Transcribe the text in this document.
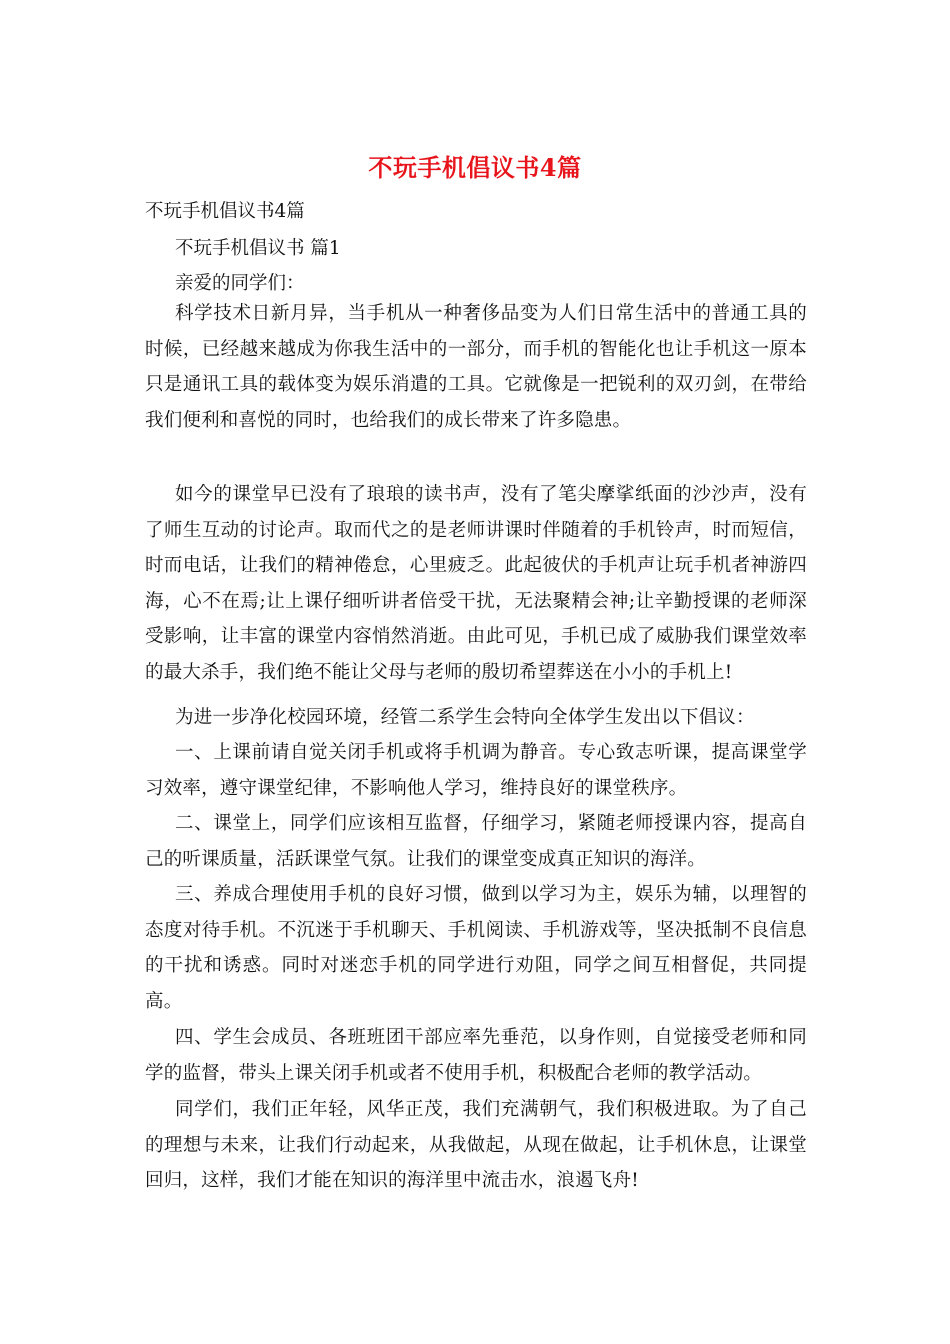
不玩手机倡议书4篇
不玩手机倡议书4篇
不玩手机倡议书 篇1
亲爱的同学们：
科学技术日新月异，当手机从一种奢侈品变为人们日常生活中的普通工具的时候，已经越来越成为你我生活中的一部分，而手机的智能化也让手机这一原本只是通讯工具的载体变为娱乐消遣的工具。它就像是一把锐利的双刃剑，在带给我们便利和喜悦的同时，也给我们的成长带来了许多隐患。
如今的课堂早已没有了琅琅的读书声，没有了笔尖摩挲纸面的沙沙声，没有了师生互动的讨论声。取而代之的是老师讲课时伴随着的手机铃声，时而短信，时而电话，让我们的精神倦怠，心里疲乏。此起彼伏的手机声让玩手机者神游四海，心不在焉;让上课仔细听讲者倍受干扰，无法聚精会神;让辛勤授课的老师深受影响，让丰富的课堂内容悄然消逝。由此可见，手机已成了威胁我们课堂效率的最大杀手，我们绝不能让父母与老师的殷切希望葬送在小小的手机上!
为进一步净化校园环境，经管二系学生会特向全体学生发出以下倡议：
一、上课前请自觉关闭手机或将手机调为静音。专心致志听课，提高课堂学习效率，遵守课堂纪律，不影响他人学习，维持良好的课堂秩序。
二、课堂上，同学们应该相互监督，仔细学习，紧随老师授课内容，提高自己的听课质量，活跃课堂气氛。让我们的课堂变成真正知识的海洋。
三、养成合理使用手机的良好习惯，做到以学习为主，娱乐为辅，以理智的态度对待手机。不沉迷于手机聊天、手机阅读、手机游戏等，坚决抵制不良信息的干扰和诱惑。同时对迷恋手机的同学进行劝阻，同学之间互相督促，共同提高。
四、学生会成员、各班班团干部应率先垂范，以身作则，自觉接受老师和同学的监督，带头上课关闭手机或者不使用手机，积极配合老师的教学活动。
同学们，我们正年轻，风华正茂，我们充满朝气，我们积极进取。为了自己的理想与未来，让我们行动起来，从我做起，从现在做起，让手机休息，让课堂回归，这样，我们才能在知识的海洋里中流击水，浪遏飞舟!
